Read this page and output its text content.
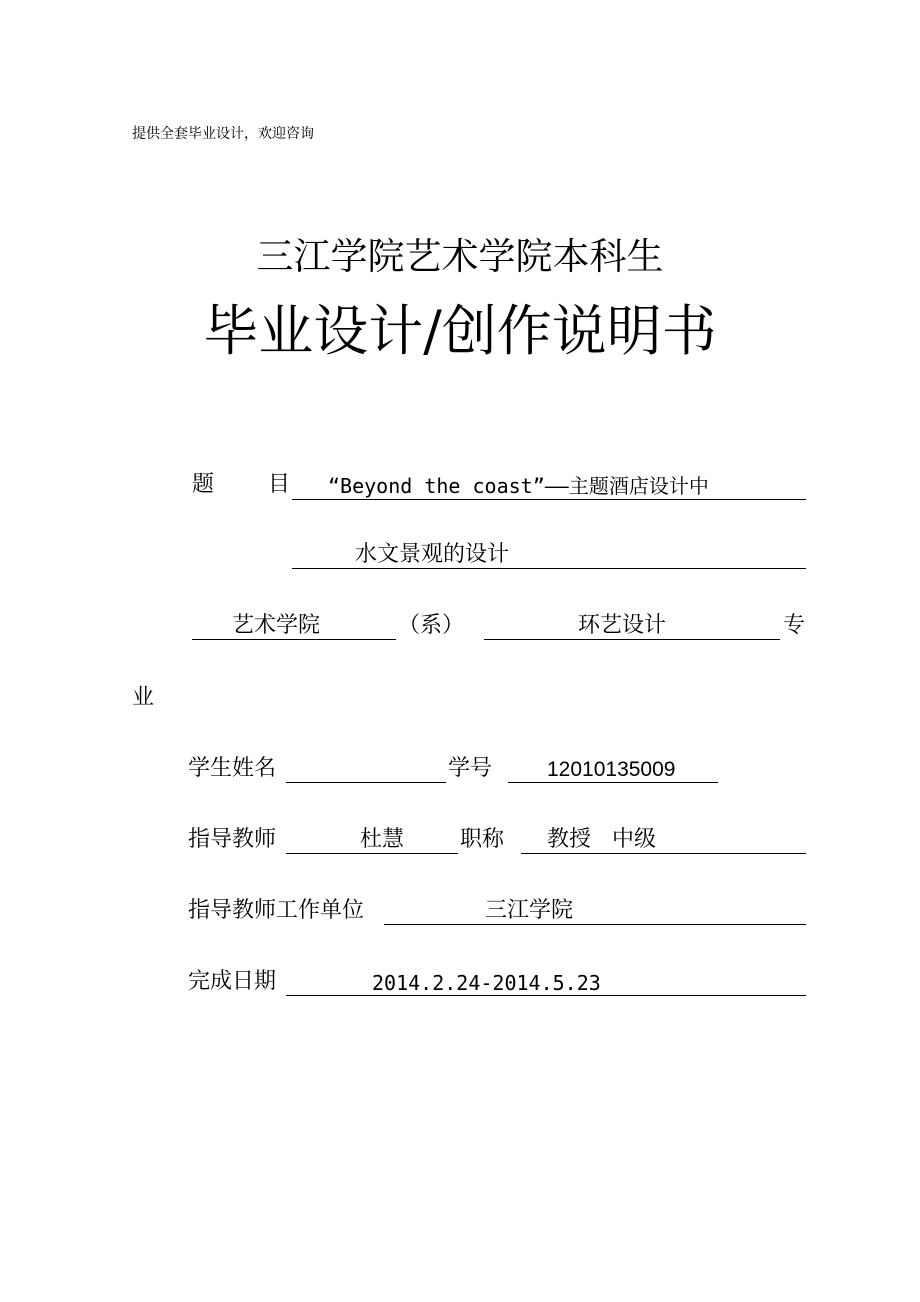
提供全套毕业设计，欢迎咨询
三江学院艺术学院本科生
毕业设计/创作说明书
题 目 “Beyond the coast”——主题酒店设计中
水文景观的设计
艺术学院	（系）	环艺设计	专
业
学生姓名	学号	12010135009
指导教师	杜慧	职称 教授   中级
指导教师工作单位	三江学院
完成日期	2014.2.24-2014.5.23
